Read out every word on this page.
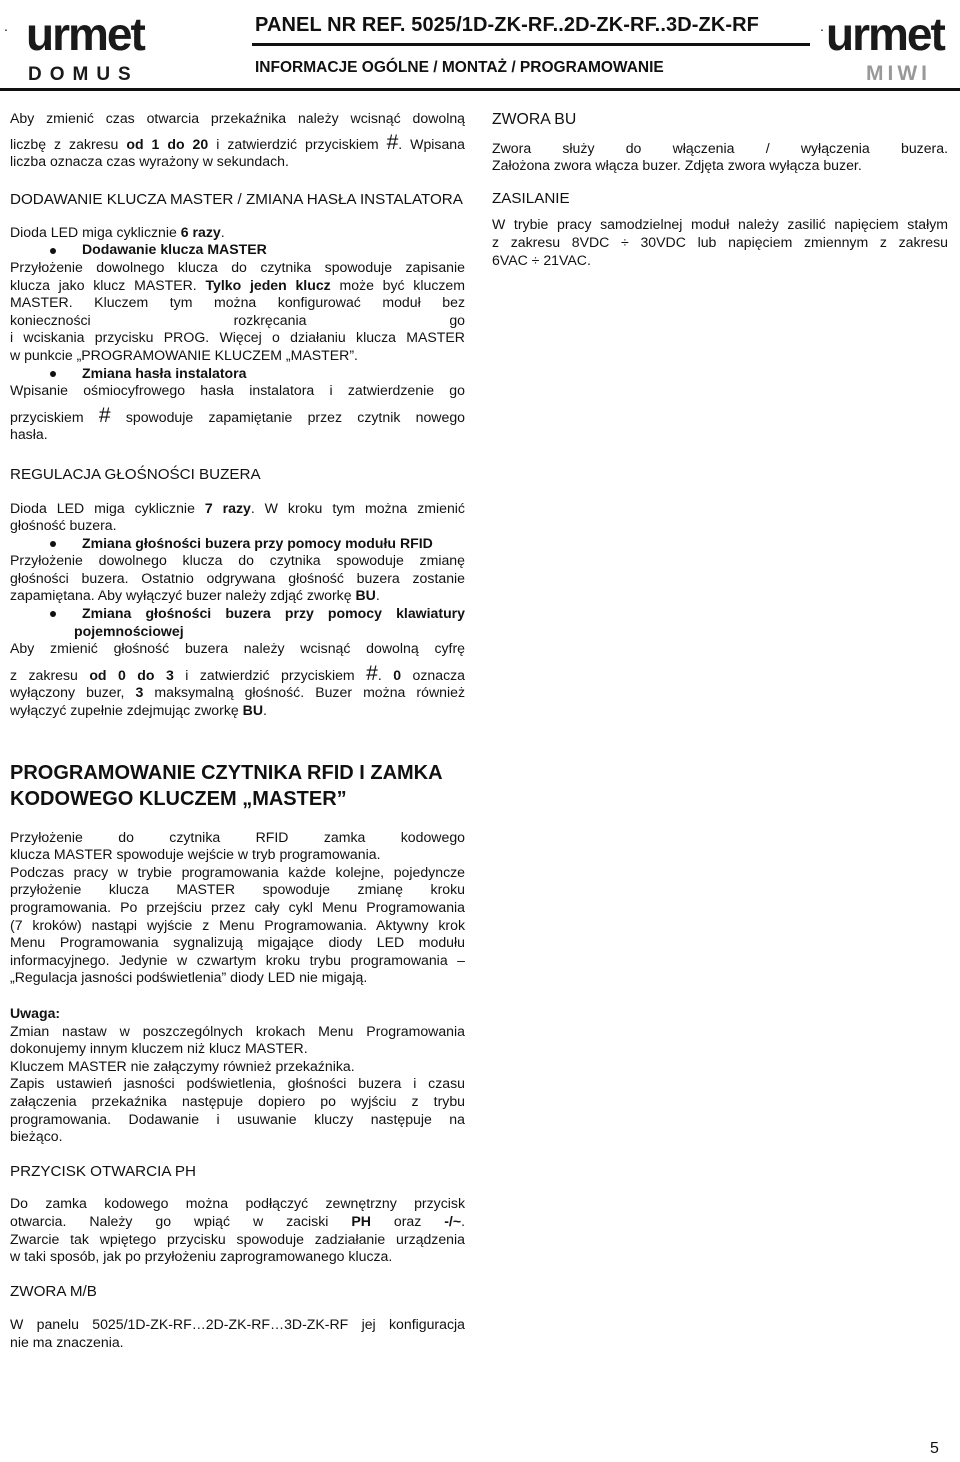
. urmet
DOMUS
PANEL NR REF. 5025/1D-ZK-RF..2D-ZK-RF..3D-ZK-RF
INFORMACJE OGÓLNE / MONTAŻ / PROGRAMOWANIE
. urmet
MIWI

Aby zmienić czas otwarcia przekaźnika należy wcisnąć dowolną

liczbę z zakresu od 1 do 20 i zatwierdzić przyciskiem #. Wpisana

liczba oznacza czas wyrażony w sekundach.

DODAWANIE KLUCZA MASTER / ZMIANA HASŁA INSTALATORA

Dioda LED miga cyklicznie 6 razy.

Dodawanie klucza MASTER

Przyłożenie dowolnego klucza do czytnika spowoduje zapisanie

klucza jako klucz MASTER. Tylko jeden klucz może być kluczem

MASTER. Kluczem tym można konfigurować moduł bez

konieczności rozkręcania go

i wciskania przycisku PROG. Więcej o działaniu klucza MASTER

w punkcie „PROGRAMOWANIE KLUCZEM „MASTER”.

Zmiana hasła instalatora

Wpisanie ośmiocyfrowego hasła instalatora i zatwierdzenie go

przyciskiem # spowoduje zapamiętanie przez czytnik nowego

hasła.

REGULACJA GŁOŚNOŚCI BUZERA

Dioda LED miga cyklicznie 7 razy. W kroku tym można zmienić

głośność buzera.

Zmiana głośności buzera przy pomocy modułu RFID

Przyłożenie dowolnego klucza do czytnika spowoduje zmianę

głośności buzera. Ostatnio odgrywana głośność buzera zostanie

zapamiętana. Aby wyłączyć buzer należy zdjąć zworkę BU.

Zmiana głośności buzera przy pomocy klawiatury

pojemnościowej

Aby zmienić głośność buzera należy wcisnąć dowolną cyfrę

z zakresu od 0 do 3 i zatwierdzić przyciskiem #. 0 oznacza

wyłączony buzer, 3 maksymalną głośność. Buzer można również

wyłączyć zupełnie zdejmując zworkę BU.

PROGRAMOWANIE CZYTNIKA RFID I ZAMKA

KODOWEGO KLUCZEM „MASTER”

Przyłożenie do czytnika RFID zamka kodowego

klucza MASTER spowoduje wejście w tryb programowania.

Podczas pracy w trybie programowania każde kolejne, pojedyncze

przyłożenie klucza MASTER spowoduje zmianę kroku

programowania. Po przejściu przez cały cykl Menu Programowania

(7 kroków) nastąpi wyjście z Menu Programowania. Aktywny krok

Menu Programowania sygnalizują migające diody LED modułu

informacyjnego. Jedynie w czwartym kroku trybu programowania –

„Regulacja jasności podświetlenia” diody LED nie migają.

Uwaga:

Zmian nastaw w poszczególnych krokach Menu Programowania

dokonujemy innym kluczem niż klucz MASTER.

Kluczem MASTER nie załączymy również przekaźnika.

Zapis ustawień jasności podświetlenia, głośności buzera i czasu

załączenia przekaźnika następuje dopiero po wyjściu z trybu

programowania. Dodawanie i usuwanie kluczy następuje na

bieżąco.

PRZYCISK OTWARCIA PH

Do zamka kodowego można podłączyć zewnętrzny przycisk

otwarcia. Należy go wpiąć w zaciski PH oraz -/~.

Zwarcie tak wpiętego przycisku spowoduje zadziałanie urządzenia

w taki sposób, jak po przyłożeniu zaprogramowanego klucza.

ZWORA M/B

W panelu 5025/1D-ZK-RF…2D-ZK-RF…3D-ZK-RF jej konfiguracja

nie ma znaczenia.

ZWORA BU

Zwora służy do włączenia / wyłączenia buzera.

Założona zwora włącza buzer. Zdjęta zwora wyłącza buzer.

ZASILANIE

W trybie pracy samodzielnej moduł należy zasilić napięciem stałym

z zakresu 8VDC ÷ 30VDC lub napięciem zmiennym z zakresu

6VAC ÷ 21VAC.

5
